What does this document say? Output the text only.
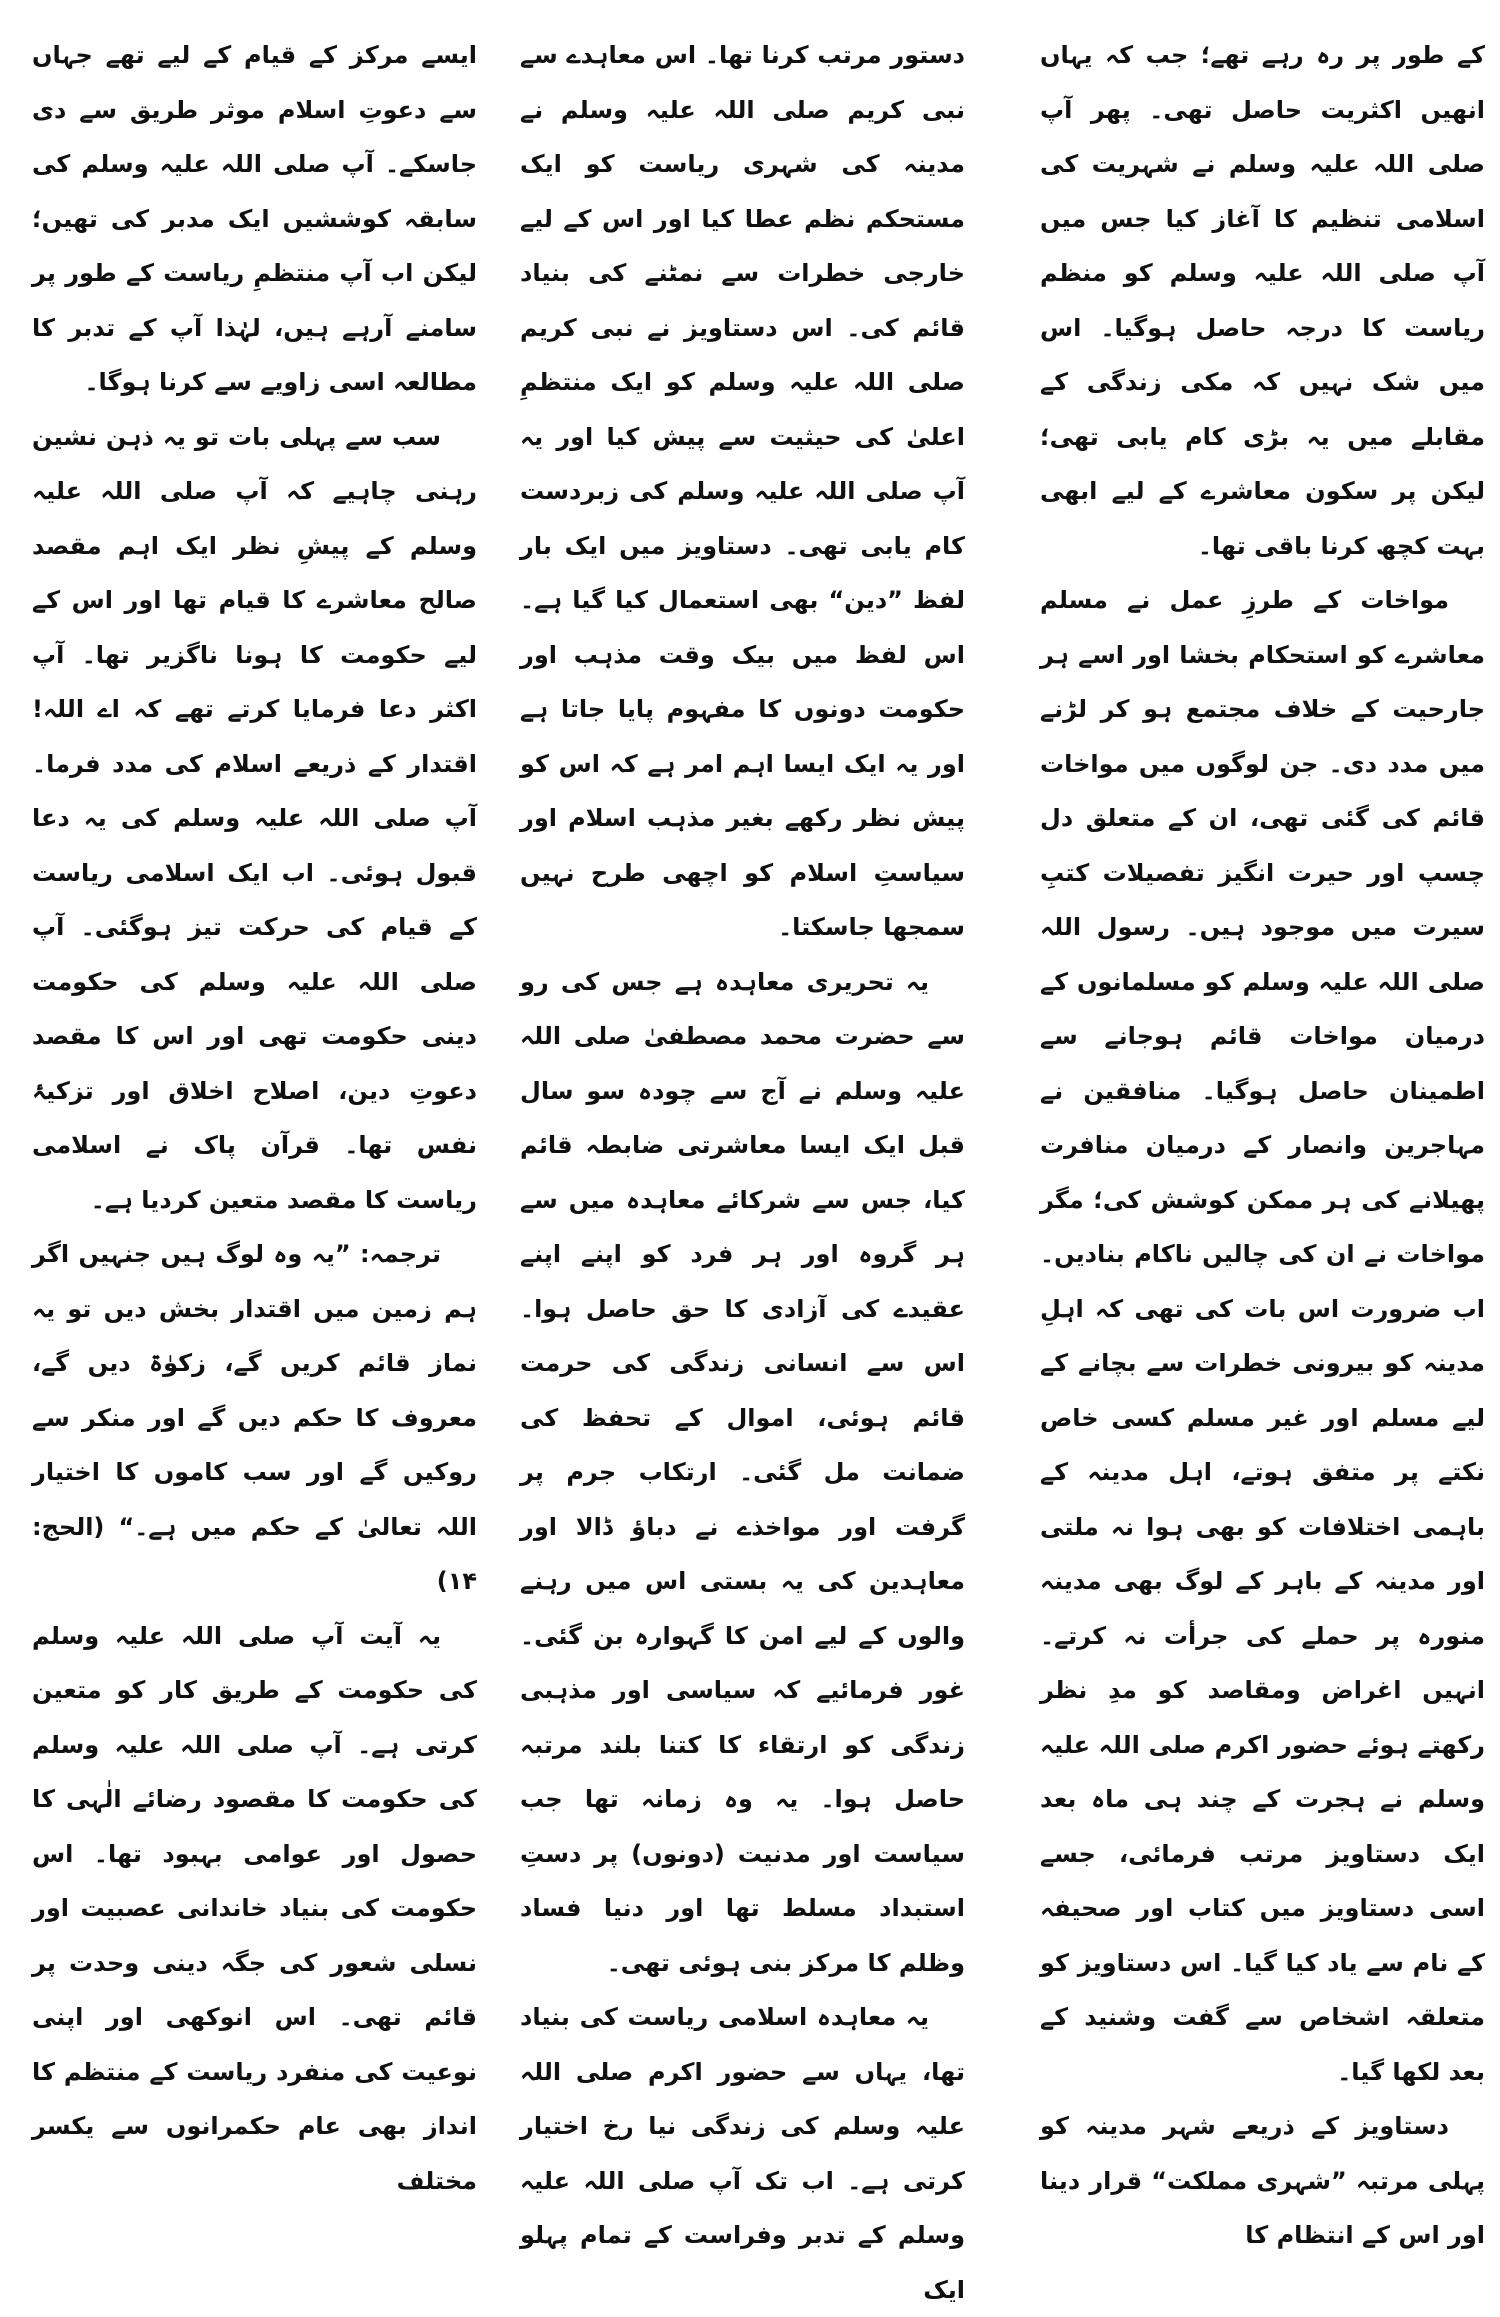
کے طور پر رہ رہے تھے؛ جب کہ یہاں انھیں اکثریت حاصل تھی۔ پھر آپ صلی اللہ علیہ وسلم نے شہریت کی اسلامی تنظیم کا آغاز کیا جس میں آپ صلی اللہ علیہ وسلم کو منظم ریاست کا درجہ حاصل ہوگیا۔ اس میں شک نہیں کہ مکی زندگی کے مقابلے میں یہ بڑی کام یابی تھی؛ لیکن پر سکون معاشرے کے لیے ابھی بہت کچھ کرنا باقی تھا۔

مواخات کے طرزِ عمل نے مسلم معاشرے کو استحکام بخشا اور اسے ہر جارحیت کے خلاف مجتمع ہو کر لڑنے میں مدد دی۔ جن لوگوں میں مواخات قائم کی گئی تھی، ان کے متعلق دل چسپ اور حیرت انگیز تفصیلات کتبِ سیرت میں موجود ہیں۔ رسول اللہ صلی اللہ علیہ وسلم کو مسلمانوں کے درمیان مواخات قائم ہوجانے سے اطمینان حاصل ہوگیا۔ منافقین نے مہاجرین وانصار کے درمیان منافرت پھیلانے کی ہر ممکن کوشش کی؛ مگر مواخات نے ان کی چالیں ناکام بنادیں۔ اب ضرورت اس بات کی تھی کہ اہلِ مدینہ کو بیرونی خطرات سے بچانے کے لیے مسلم اور غیر مسلم کسی خاص نکتے پر متفق ہوتے، اہل مدینہ کے باہمی اختلافات کو بھی ہوا نہ ملتی اور مدینہ کے باہر کے لوگ بھی مدینہ منورہ پر حملے کی جرأت نہ کرتے۔ انہیں اغراض ومقاصد کو مدِ نظر رکھتے ہوئے حضور اکرم صلی اللہ علیہ وسلم نے ہجرت کے چند ہی ماہ بعد ایک دستاویز مرتب فرمائی، جسے اسی دستاویز میں کتاب اور صحیفہ کے نام سے یاد کیا گیا۔ اس دستاویز کو متعلقہ اشخاص سے گفت وشنید کے بعد لکھا گیا۔

دستاویز کے ذریعے شہر مدینہ کو پہلی مرتبہ ”شہری مملکت“ قرار دینا اور اس کے انتظام کا

دستور مرتب کرنا تھا۔ اس معاہدے سے نبی کریم صلی اللہ علیہ وسلم نے مدینہ کی شہری ریاست کو ایک مستحکم نظم عطا کیا اور اس کے لیے خارجی خطرات سے نمٹنے کی بنیاد قائم کی۔ اس دستاویز نے نبی کریم صلی اللہ علیہ وسلم کو ایک منتظمِ اعلیٰ کی حیثیت سے پیش کیا اور یہ آپ صلی اللہ علیہ وسلم کی زبردست کام یابی تھی۔ دستاویز میں ایک بار لفظ ”دین“ بھی استعمال کیا گیا ہے۔ اس لفظ میں بیک وقت مذہب اور حکومت دونوں کا مفہوم پایا جاتا ہے اور یہ ایک ایسا اہم امر ہے کہ اس کو پیش نظر رکھے بغیر مذہب اسلام اور سیاستِ اسلام کو اچھی طرح نہیں سمجھا جاسکتا۔

یہ تحریری معاہدہ ہے جس کی رو سے حضرت محمد مصطفیٰ صلی اللہ علیہ وسلم نے آج سے چودہ سو سال قبل ایک ایسا معاشرتی ضابطہ قائم کیا، جس سے شرکائے معاہدہ میں سے ہر گروہ اور ہر فرد کو اپنے اپنے عقیدے کی آزادی کا حق حاصل ہوا۔ اس سے انسانی زندگی کی حرمت قائم ہوئی، اموال کے تحفظ کی ضمانت مل گئی۔ ارتکاب جرم پر گرفت اور مواخذے نے دباؤ ڈالا اور معاہدین کی یہ بستی اس میں رہنے والوں کے لیے امن کا گہوارہ بن گئی۔ غور فرمائیے کہ سیاسی اور مذہبی زندگی کو ارتقاء کا کتنا بلند مرتبہ حاصل ہوا۔ یہ وہ زمانہ تھا جب سیاست اور مدنیت (دونوں) پر دستِ استبداد مسلط تھا اور دنیا فساد وظلم کا مرکز بنی ہوئی تھی۔

یہ معاہدہ اسلامی ریاست کی بنیاد تھا، یہاں سے حضور اکرم صلی اللہ علیہ وسلم کی زندگی نیا رخ اختیار کرتی ہے۔ اب تک آپ صلی اللہ علیہ وسلم کے تدبر وفراست کے تمام پہلو ایک

ایسے مرکز کے قیام کے لیے تھے جہاں سے دعوتِ اسلام موثر طریق سے دی جاسکے۔ آپ صلی اللہ علیہ وسلم کی سابقہ کوششیں ایک مدبر کی تھیں؛ لیکن اب آپ منتظمِ ریاست کے طور پر سامنے آرہے ہیں، لہٰذا آپ کے تدبر کا مطالعہ اسی زاویے سے کرنا ہوگا۔

سب سے پہلی بات تو یہ ذہن نشین رہنی چاہیے کہ آپ صلی اللہ علیہ وسلم کے پیشِ نظر ایک اہم مقصد صالح معاشرے کا قیام تھا اور اس کے لیے حکومت کا ہونا ناگزیر تھا۔ آپ اکثر دعا فرمایا کرتے تھے کہ اے اللہ! اقتدار کے ذریعے اسلام کی مدد فرما۔ آپ صلی اللہ علیہ وسلم کی یہ دعا قبول ہوئی۔ اب ایک اسلامی ریاست کے قیام کی حرکت تیز ہوگئی۔ آپ صلی اللہ علیہ وسلم کی حکومت دینی حکومت تھی اور اس کا مقصد دعوتِ دین، اصلاح اخلاق اور تزکیۂ نفس تھا۔ قرآن پاک نے اسلامی ریاست کا مقصد متعین کردیا ہے۔

ترجمہ: ”یہ وہ لوگ ہیں جنہیں اگر ہم زمین میں اقتدار بخش دیں تو یہ نماز قائم کریں گے، زکوٰۃ دیں گے، معروف کا حکم دیں گے اور منکر سے روکیں گے اور سب کاموں کا اختیار اللہ تعالیٰ کے حکم میں ہے۔“ (الحج: ۱۴)

یہ آیت آپ صلی اللہ علیہ وسلم کی حکومت کے طریق کار کو متعین کرتی ہے۔ آپ صلی اللہ علیہ وسلم کی حکومت کا مقصود رضائے الٰہی کا حصول اور عوامی بہبود تھا۔ اس حکومت کی بنیاد خاندانی عصبیت اور نسلی شعور کی جگہ دینی وحدت پر قائم تھی۔ اس انوکھی اور اپنی نوعیت کی منفرد ریاست کے منتظم کا انداز بھی عام حکمرانوں سے یکسر مختلف
